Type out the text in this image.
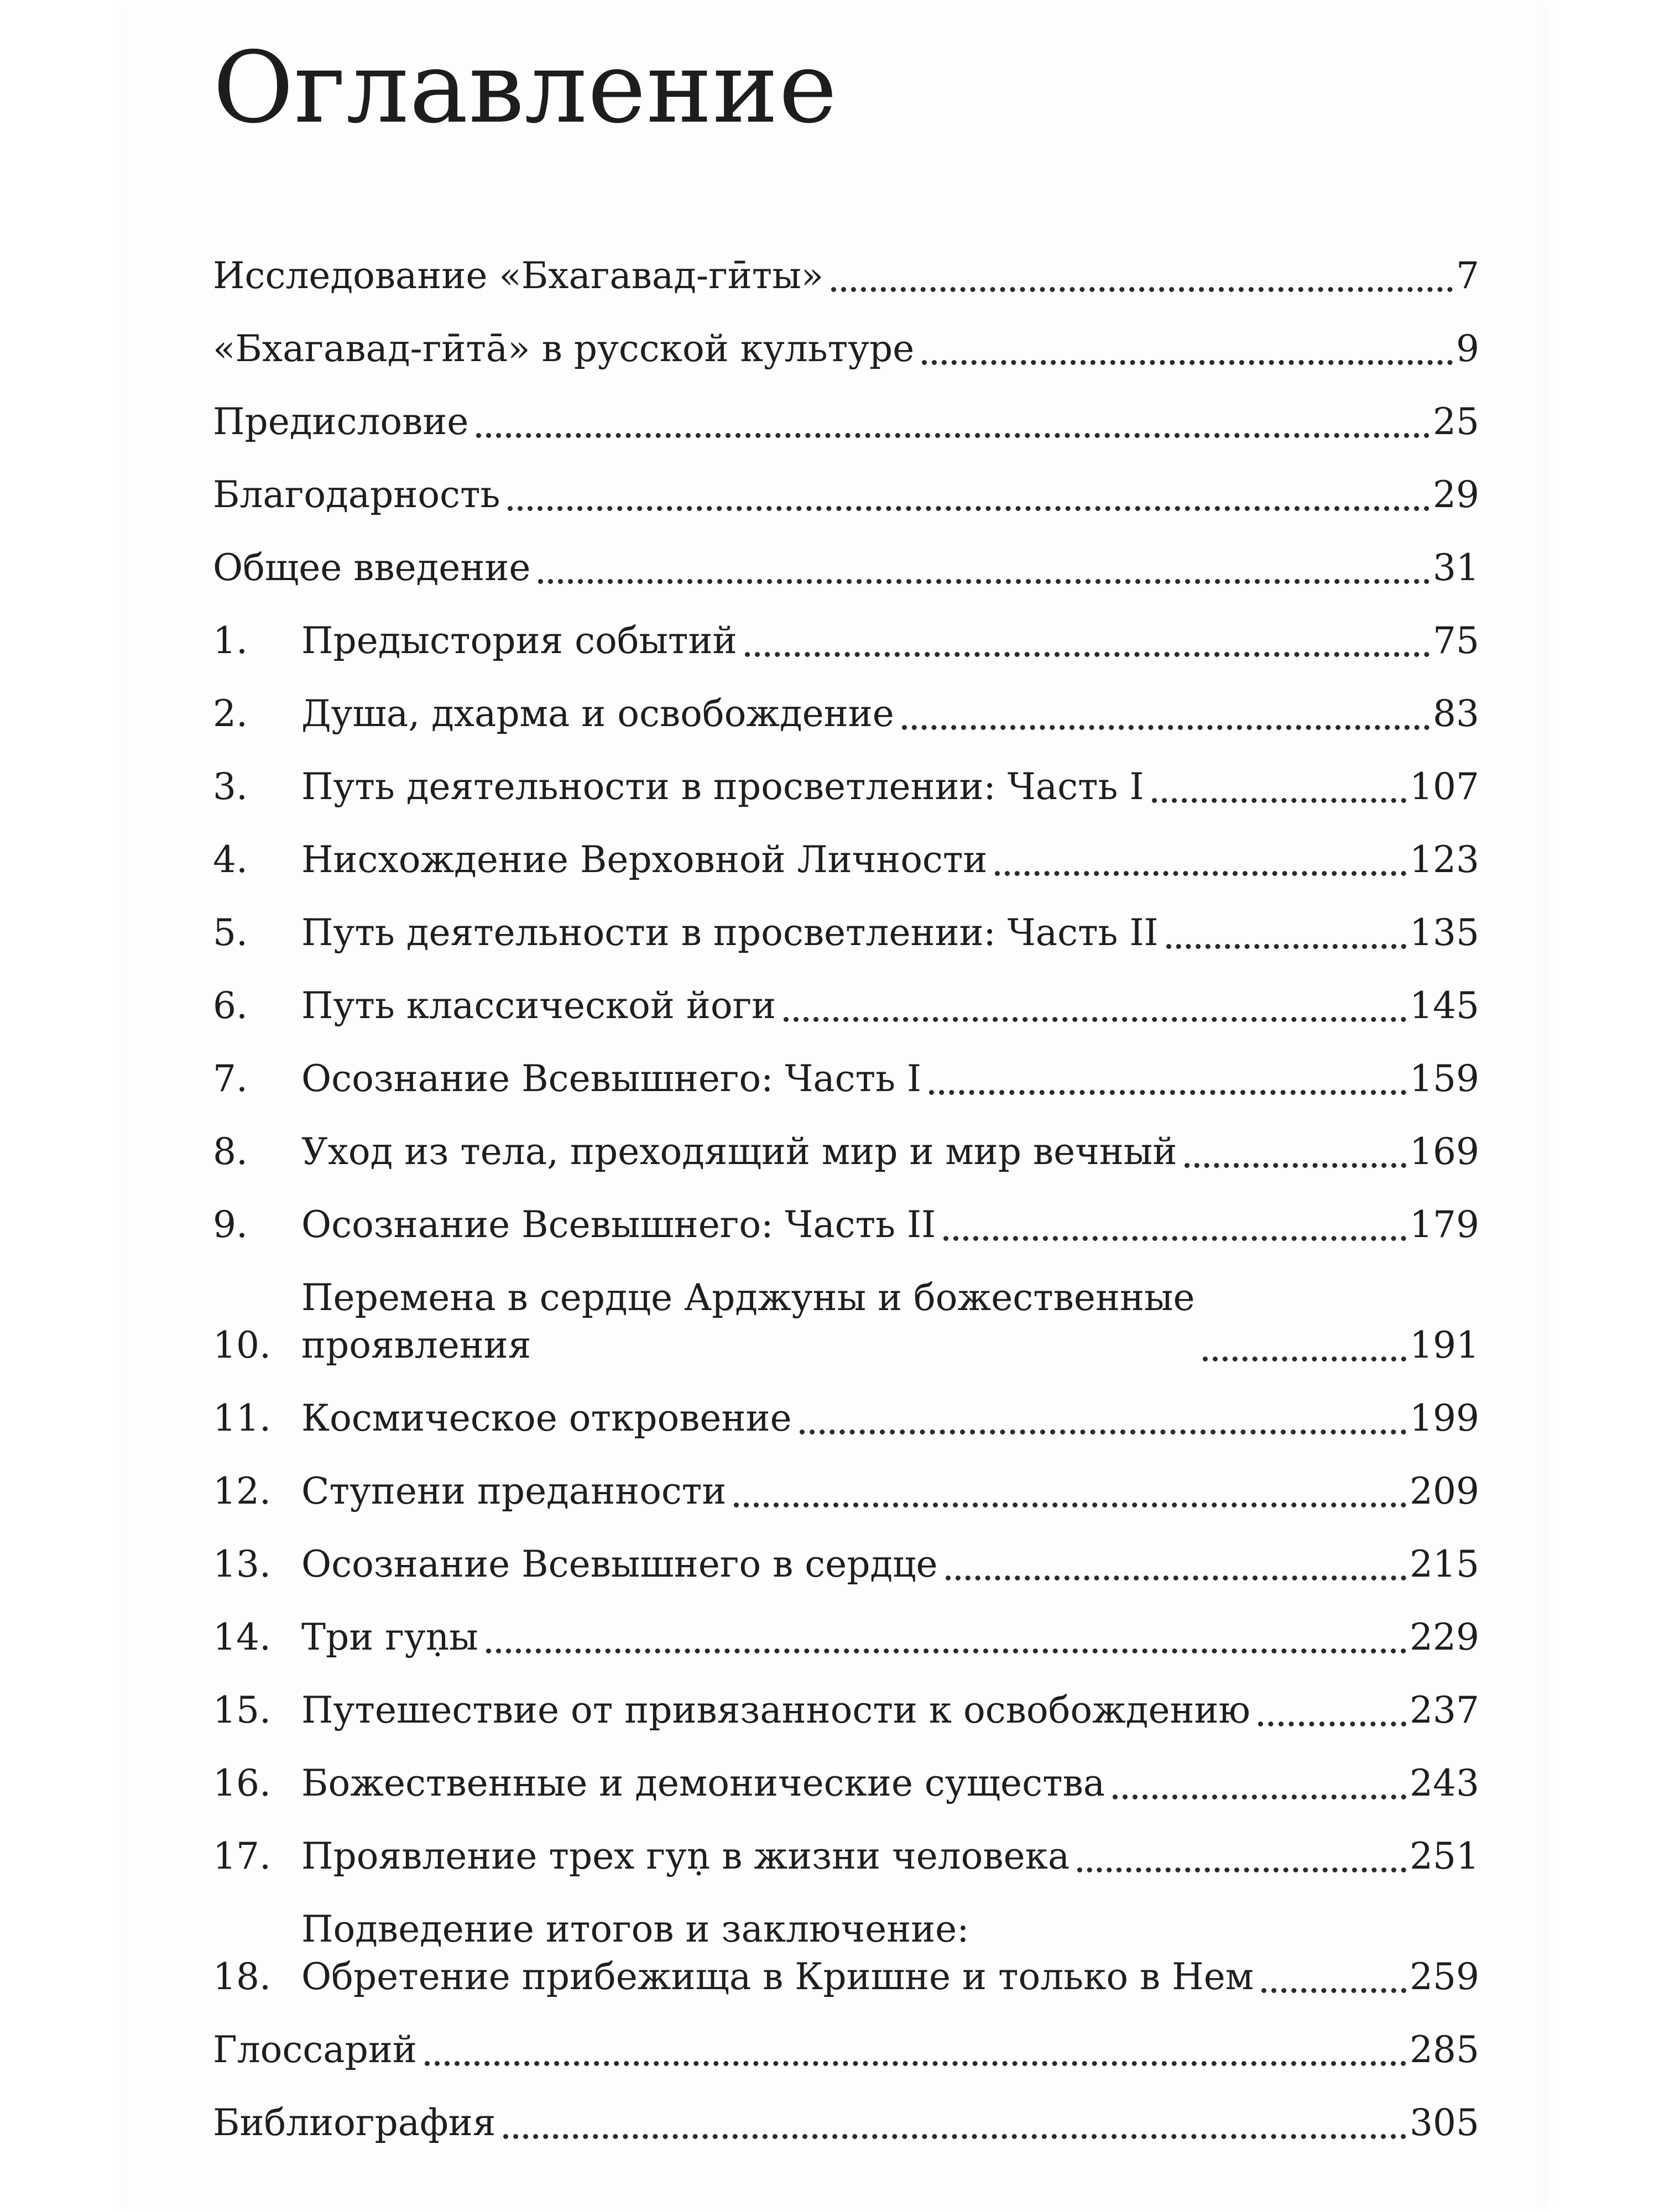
Оглавление
Исследование «Бхагавад-гӣты»	7
«Бхагавад-гӣта̄» в русской культуре	9
Предисловие	25
Благодарность	29
Общее введение	31
1.	Предыстория событий	75
2.	Душа, дхарма и освобождение	83
3.	Путь деятельности в просветлении: Часть I	107
4.	Нисхождение Верховной Личности	123
5.	Путь деятельности в просветлении: Часть II	135
6.	Путь классической йоги	145
7.	Осознание Всевышнего: Часть I	159
8.	Уход из тела, преходящий мир и мир вечный	169
9.	Осознание Всевышнего: Часть II	179
10.
Перемена в сердце Арджуны и божественные
проявления	191
11. Космическое откровение	199
12. Ступени преданности	209
13. Осознание Всевышнего в сердце	215
14. Три гуṇы	229
15. Путешествие от привязанности к освобождению	237
16. Божественные и демонические существа	243
17. Проявление трех гуṇ в жизни человека	251
18.
Подведение итогов и заключение:
Обретение прибежища в Кришне и только в Нем	259
Глоссарий	285
Библиография	305
